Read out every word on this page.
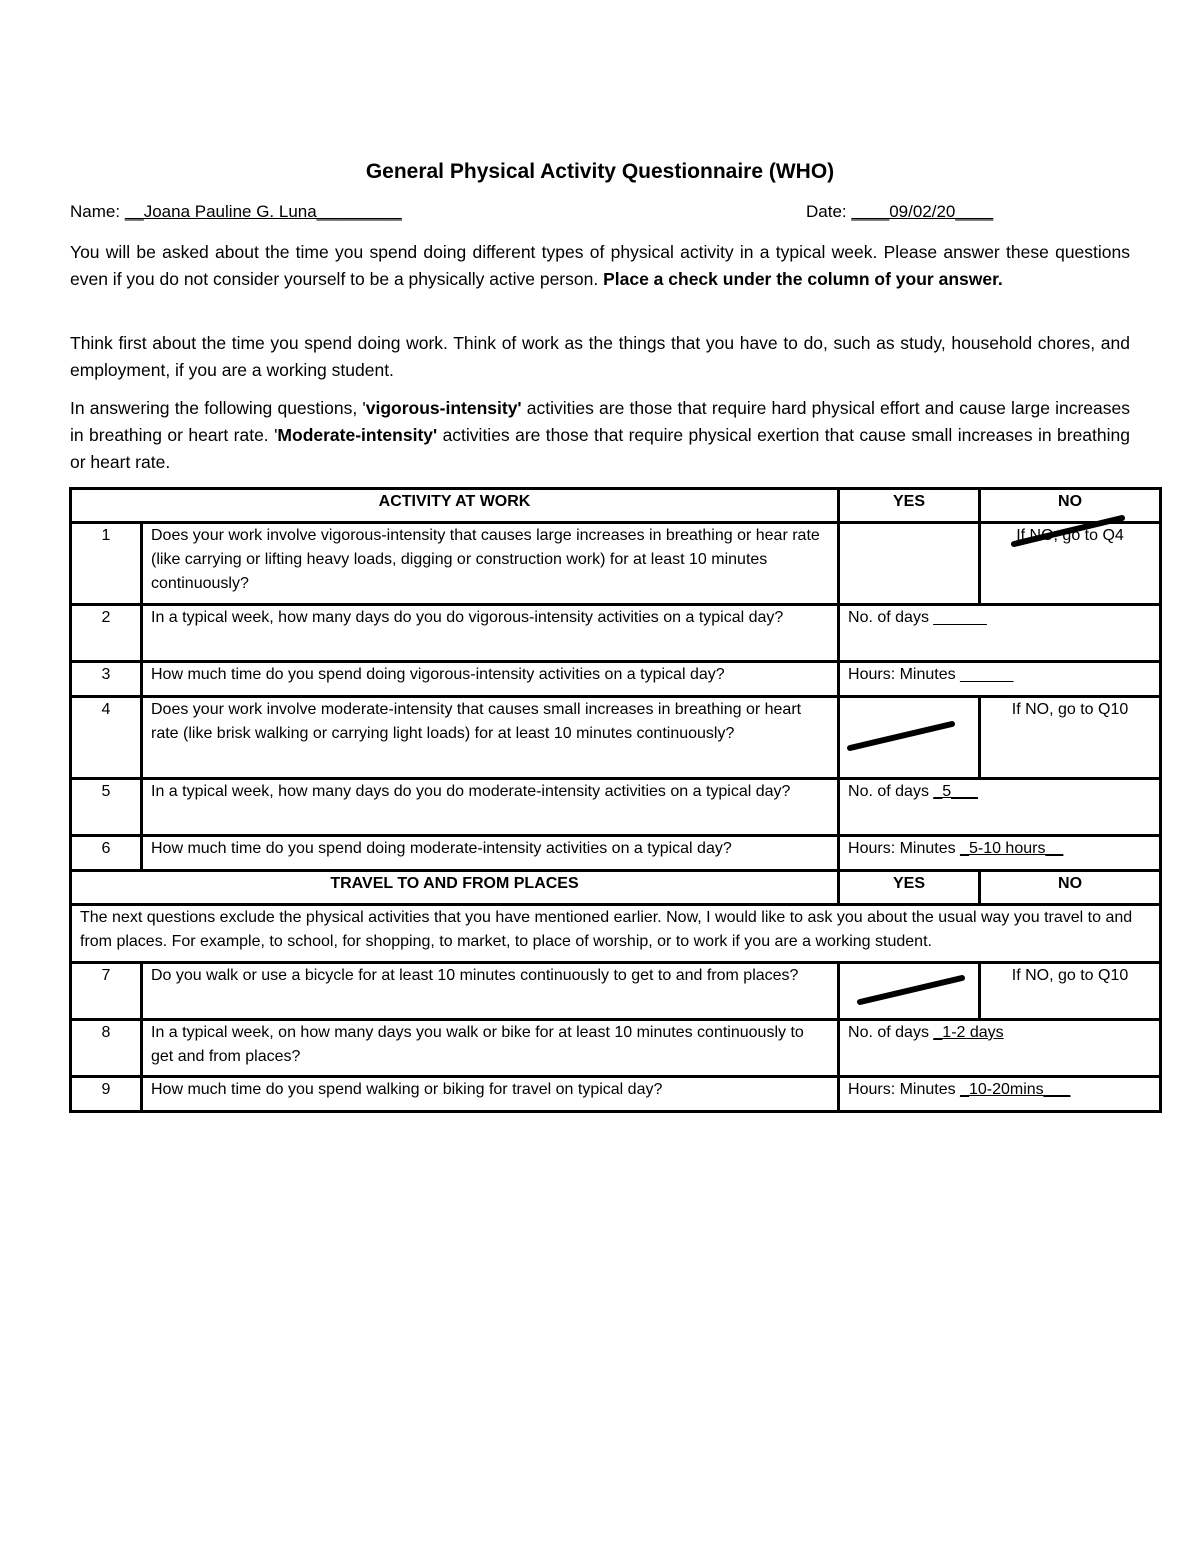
General Physical Activity Questionnaire (WHO)
Name: __Joana Pauline G. Luna_________	Date: ____09/02/20____

You will be asked about the time you spend doing different types of physical activity in a typical week. Please answer these questions even if you do not consider yourself to be a physically active person. Place a check under the column of your answer.

Think first about the time you spend doing work. Think of work as the things that you have to do, such as study, household chores, and employment, if you are a working student.

In answering the following questions, 'vigorous-intensity' activities are those that require hard physical effort and cause large increases in breathing or heart rate. 'Moderate-intensity' activities are those that require physical exertion that cause small increases in breathing or heart rate.

ACTIVITY AT WORK		YES	NO
1	Does your work involve vigorous-intensity that causes large increases in breathing or hear rate (like carrying or lifting heavy loads, digging or construction work) for at least 10 minutes continuously?		If NO, go to Q4

2	In a typical week, how many days do you do vigorous-intensity activities on a typical day?	No. of days ______	
3	How much time do you spend doing vigorous-intensity activities on a typical day?	Hours: Minutes ______	
4	Does your work involve moderate-intensity that causes small increases in breathing or heart rate (like brisk walking or carrying light loads) for at least 10 minutes continuously?		If NO, go to Q10
5	In a typical week, how many days do you do moderate-intensity activities on a typical day?	No. of days _5___	
6	How much time do you spend doing moderate-intensity activities on a typical day?	Hours: Minutes _5-10 hours__	
TRAVEL TO AND FROM PLACES		YES	NO
The next questions exclude the physical activities that you have mentioned earlier. Now, I would like to ask you about the usual way you travel to and from places. For example, to school, for shopping, to market, to place of worship, or to work if you are a working student.			
7	Do you walk or use a bicycle for at least 10 minutes continuously to get to and from places?		If NO, go to Q10
8	In a typical week, on how many days you walk or bike for at least 10 minutes continuously to get and from places?	No. of days _1-2 days	
9	How much time do you spend walking or biking for travel on typical day?	Hours: Minutes _10-20mins___	
